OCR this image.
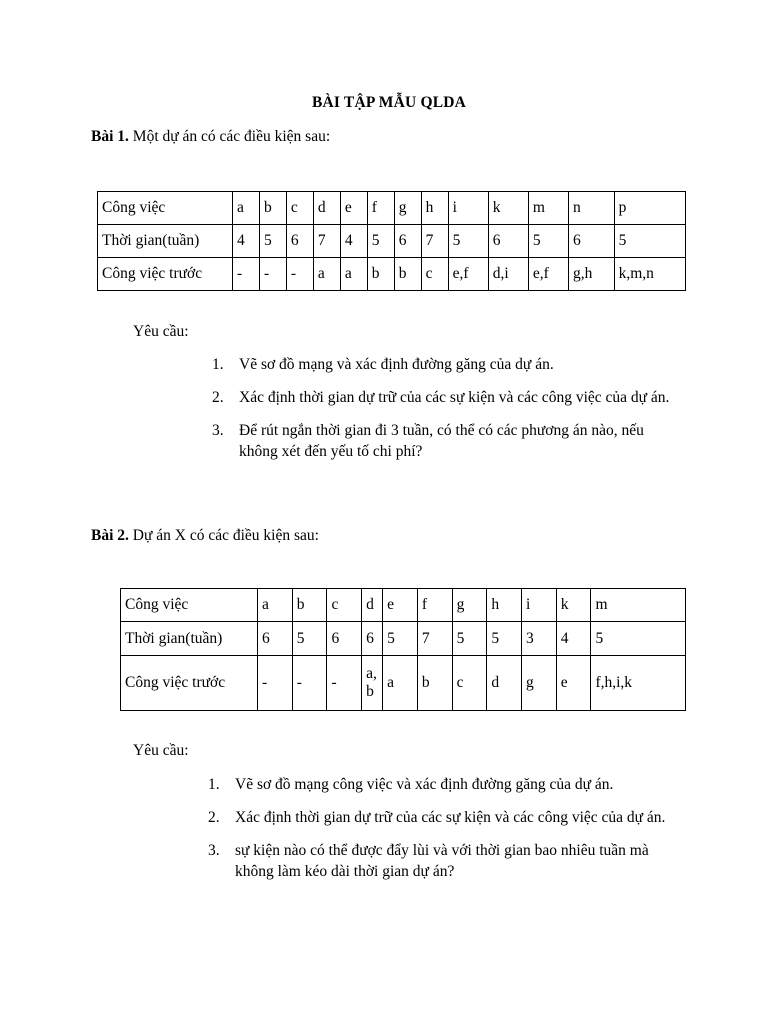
BÀI TẬP MẪU QLDA
Bài 1. Một dự án có các điều kiện sau:
Công việc	a	b	c	d	e	f	g	h	i	k	m	n	p
Thời gian(tuần)	4	5	6	7	4	5	6	7	5	6	5	6	5
Công việc trước	-	-	-	a	a	b	b	c	e,f	d,i	e,f	g,h	k,m,n
Yêu cầu:
1. Vẽ sơ đồ mạng và xác định đường găng của dự án.
2. Xác định thời gian dự trữ của các sự kiện và các công việc của dự án.
3. Để rút ngắn thời gian đi 3 tuần, có thể có các phương án nào, nếu không xét đến yếu tố chi phí?
Bài 2. Dự án X có các điều kiện sau:
Công việc	a	b	c	d	e	f	g	h	i	k	m
Thời gian(tuần)	6	5	6	6	5	7	5	5	3	4	5
Công việc trước	-	-	-	a, b	a	b	c	d	g	e	f,h,i,k
Yêu cầu:
1. Vẽ sơ đồ mạng công việc và xác định đường găng của dự án.
2. Xác định thời gian dự trữ của các sự kiện và các công việc của dự án.
3. sự kiện nào có thể được đẩy lùi và với thời gian bao nhiêu tuần mà không làm kéo dài thời gian dự án?
